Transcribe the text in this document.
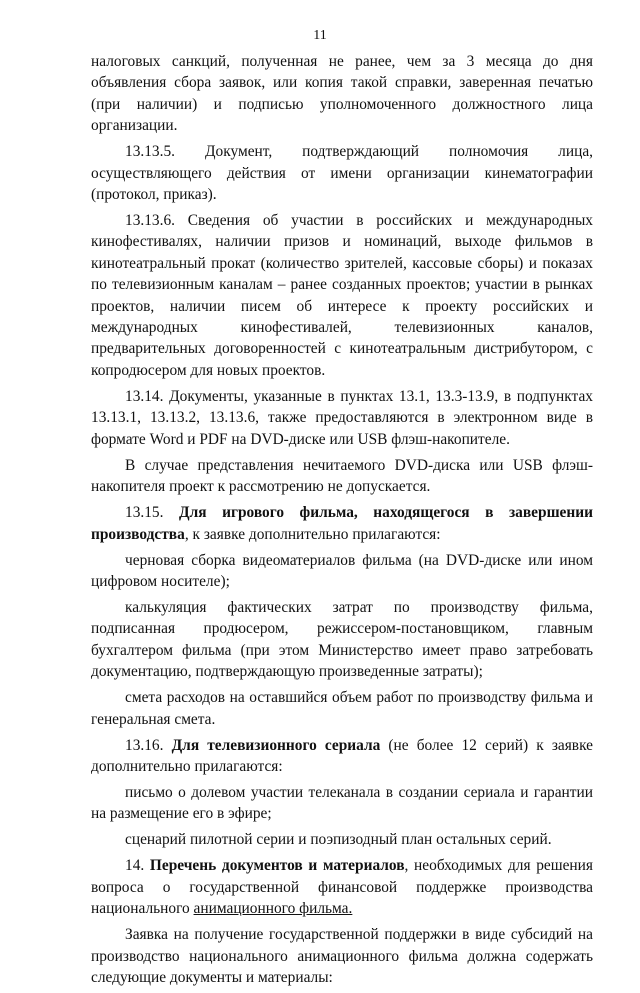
11

налоговых санкций, полученная не ранее, чем за 3 месяца до дня объявления сбора заявок, или копия такой справки, заверенная печатью (при наличии) и подписью уполномоченного должностного лица организации.

13.13.5. Документ, подтверждающий полномочия лица, осуществляющего действия от имени организации кинематографии (протокол, приказ).

13.13.6. Сведения об участии в российских и международных кинофестивалях, наличии призов и номинаций, выходе фильмов в кинотеатральный прокат (количество зрителей, кассовые сборы) и показах по телевизионным каналам – ранее созданных проектов; участии в рынках проектов, наличии писем об интересе к проекту российских и международных кинофестивалей, телевизионных каналов, предварительных договоренностей с кинотеатральным дистрибутором, с копродюсером для новых проектов.

13.14. Документы, указанные в пунктах 13.1, 13.3-13.9, в подпунктах 13.13.1, 13.13.2, 13.13.6, также предоставляются в электронном виде в формате Word и PDF на DVD-диске или USB флэш-накопителе.

В случае представления нечитаемого DVD-диска или USB флэш-накопителя проект к рассмотрению не допускается.

13.15. Для игрового фильма, находящегося в завершении производства, к заявке дополнительно прилагаются:

черновая сборка видеоматериалов фильма (на DVD-диске или ином цифровом носителе);

калькуляция фактических затрат по производству фильма, подписанная продюсером, режиссером-постановщиком, главным бухгалтером фильма (при этом Министерство имеет право затребовать документацию, подтверждающую произведенные затраты);

смета расходов на оставшийся объем работ по производству фильма и генеральная смета.

13.16. Для телевизионного сериала (не более 12 серий) к заявке дополнительно прилагаются:

письмо о долевом участии телеканала в создании сериала и гарантии на размещение его в эфире;

сценарий пилотной серии и поэпизодный план остальных серий.

14. Перечень документов и материалов, необходимых для решения вопроса о государственной финансовой поддержке производства национального анимационного фильма.

Заявка на получение государственной поддержки в виде субсидий на производство национального анимационного фильма должна содержать следующие документы и материалы:
